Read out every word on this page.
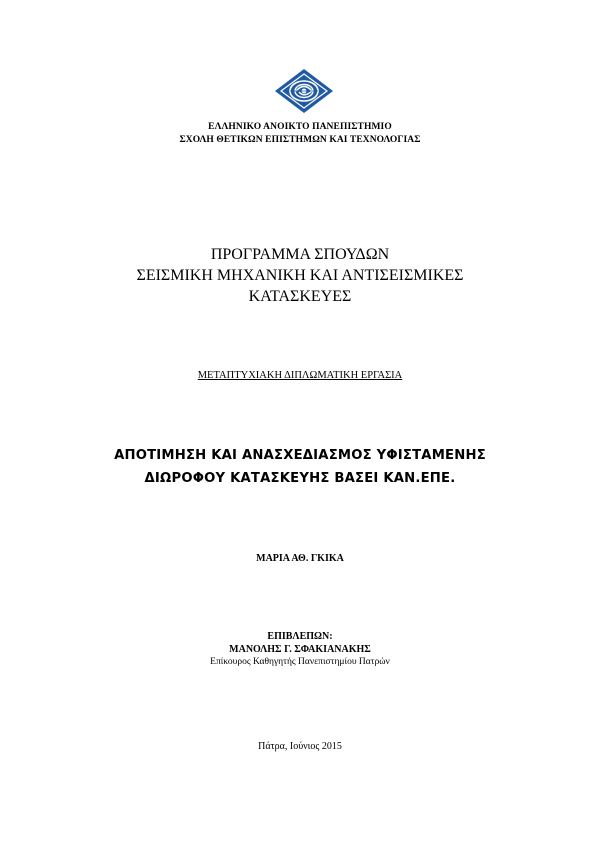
ΕΛΛΗΝΙΚΟ ΑΝΟΙΚΤΟ ΠΑΝΕΠΙΣΤΗΜΙΟ
ΣΧΟΛΗ ΘΕΤΙΚΩΝ ΕΠΙΣΤΗΜΩΝ ΚΑΙ ΤΕΧΝΟΛΟΓΙΑΣ
ΠΡΟΓΡΑΜΜΑ ΣΠΟΥΔΩΝ
ΣΕΙΣΜΙΚΗ ΜΗΧΑΝΙΚΗ ΚΑΙ ΑΝΤΙΣΕΙΣΜΙΚΕΣ
ΚΑΤΑΣΚΕΥΕΣ
ΜΕΤΑΠΤΥΧΙΑΚΗ ΔΙΠΛΩΜΑΤΙΚΗ ΕΡΓΑΣΙΑ
ΑΠΟΤΙΜΗΣΗ ΚΑΙ ΑΝΑΣΧΕΔΙΑΣΜΟΣ ΥΦΙΣΤΑΜΕΝΗΣ
ΔΙΩΡΟΦΟΥ ΚΑΤΑΣΚΕΥΗΣ ΒΑΣΕΙ ΚΑΝ.ΕΠΕ.
ΜΑΡΙΑ ΑΘ. ΓΚΙΚΑ
ΕΠΙΒΛΕΠΩΝ:
ΜΑΝΟΛΗΣ Γ. ΣΦΑΚΙΑΝΑΚΗΣ
Επίκουρος Καθηγητής Πανεπιστημίου Πατρών
Πάτρα, Ιούνιος 2015
